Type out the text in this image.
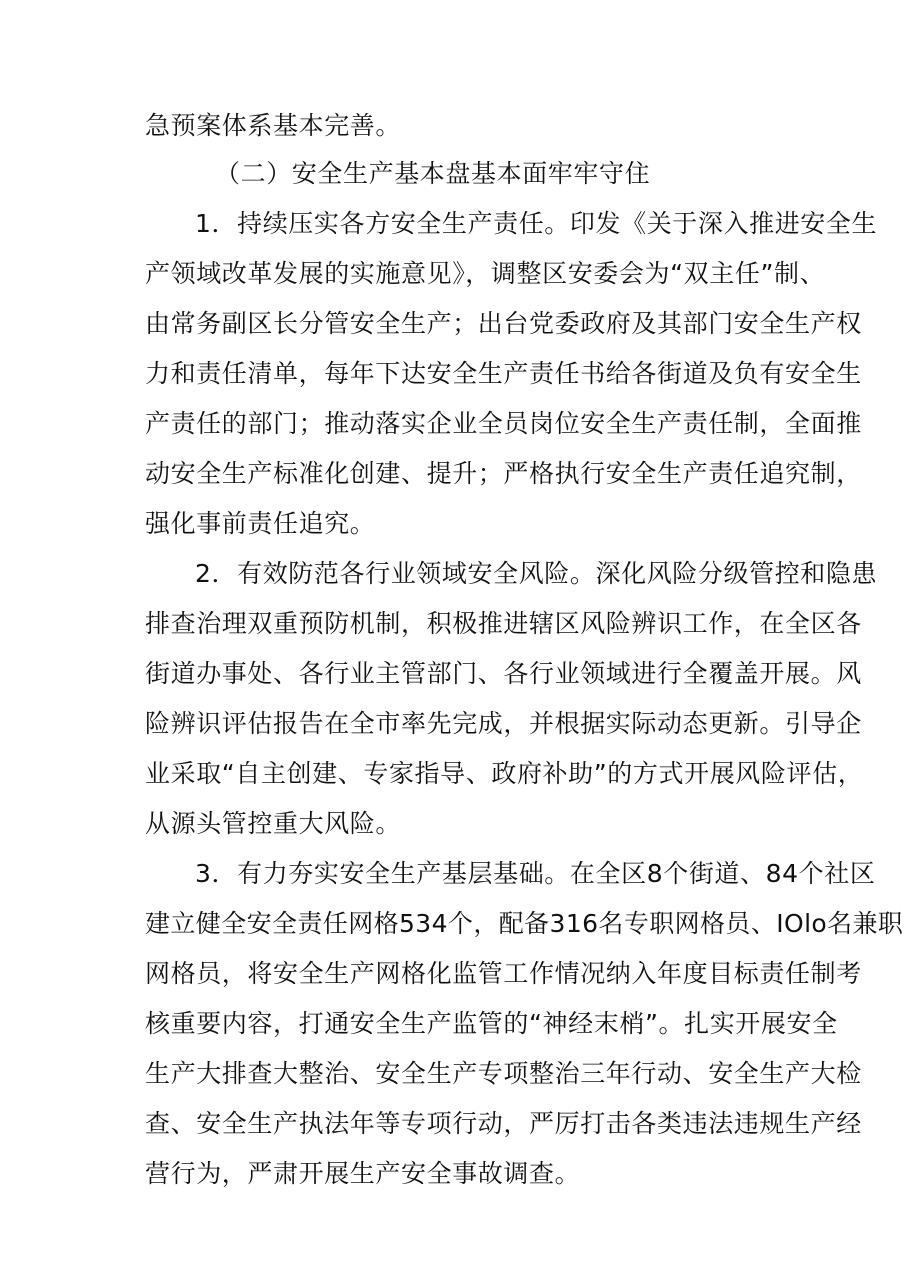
急预案体系基本完善。
（二）安全生产基本盘基本面牢牢守住
1．持续压实各方安全生产责任。印发《关于深入推进安全生
产领域改革发展的实施意见》，调整区安委会为“双主任”制、
由常务副区长分管安全生产；出台党委政府及其部门安全生产权
力和责任清单，每年下达安全生产责任书给各街道及负有安全生
产责任的部门；推动落实企业全员岗位安全生产责任制，全面推
动安全生产标准化创建、提升；严格执行安全生产责任追究制，
强化事前责任追究。
2．有效防范各行业领域安全风险。深化风险分级管控和隐患
排查治理双重预防机制，积极推进辖区风险辨识工作，在全区各
街道办事处、各行业主管部门、各行业领域进行全覆盖开展。风
险辨识评估报告在全市率先完成，并根据实际动态更新。引导企
业采取“自主创建、专家指导、政府补助”的方式开展风险评估，
从源头管控重大风险。
3．有力夯实安全生产基层基础。在全区8个街道、84个社区
建立健全安全责任网格534个，配备316名专职网格员、IOlo名兼职
网格员，将安全生产网格化监管工作情况纳入年度目标责任制考
核重要内容，打通安全生产监管的“神经末梢”。扎实开展安全
生产大排查大整治、安全生产专项整治三年行动、安全生产大检
查、安全生产执法年等专项行动，严厉打击各类违法违规生产经
营行为，严肃开展生产安全事故调查。
